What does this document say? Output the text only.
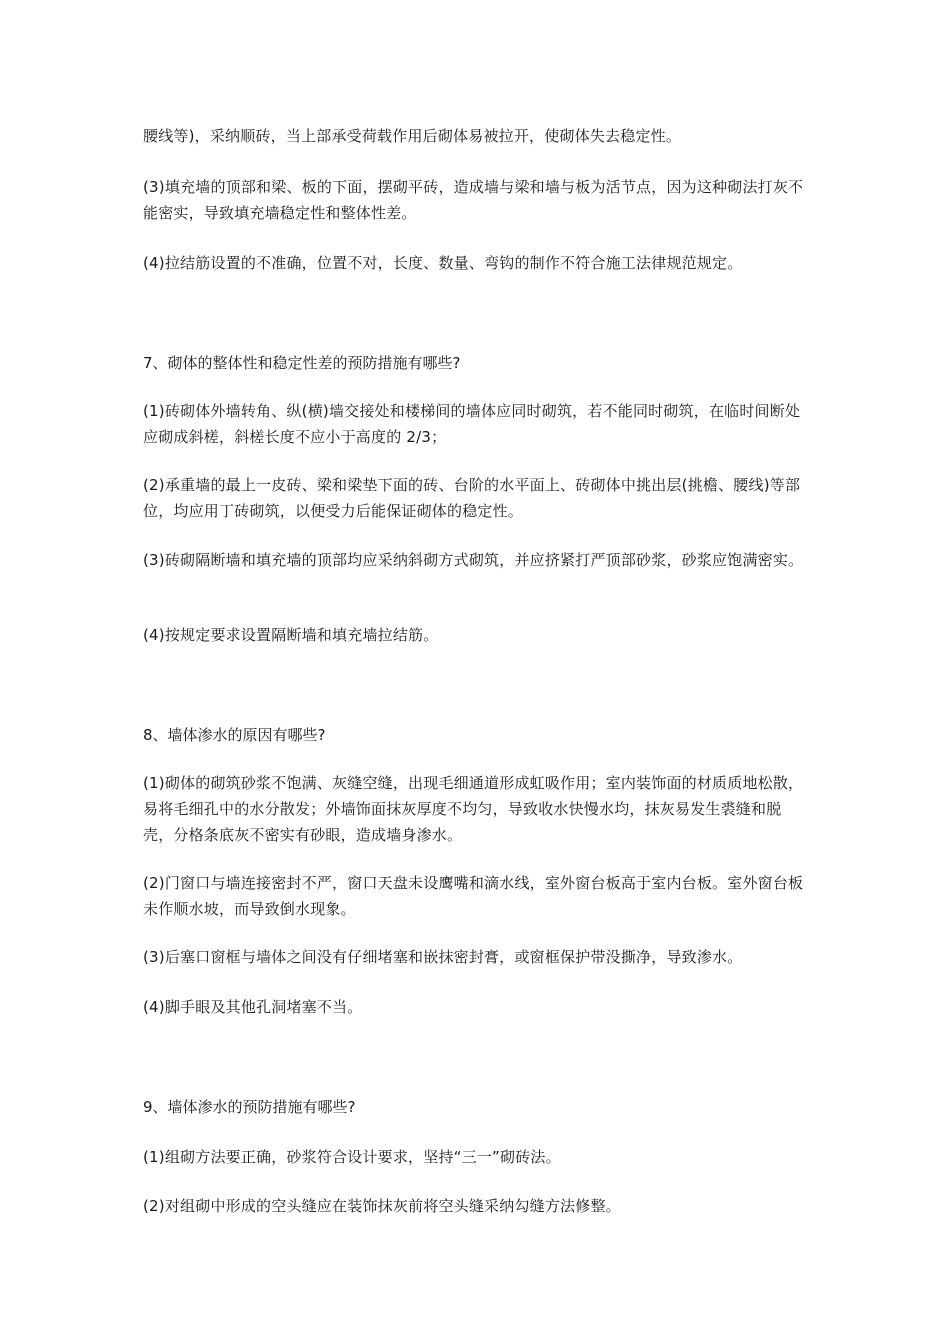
腰线等)，采纳顺砖，当上部承受荷载作用后砌体易被拉开，使砌体失去稳定性。

(3)填充墙的顶部和梁、板的下面，摆砌平砖，造成墙与梁和墙与板为活节点，因为这种砌法打灰不能密实，导致填充墙稳定性和整体性差。

(4)拉结筋设置的不准确，位置不对，长度、数量、弯钩的制作不符合施工法律规范规定。

7、砌体的整体性和稳定性差的预防措施有哪些?

(1)砖砌体外墙转角、纵(横)墙交接处和楼梯间的墙体应同时砌筑，若不能同时砌筑，在临时间断处应砌成斜槎，斜槎长度不应小于高度的 2/3；

(2)承重墙的最上一皮砖、梁和梁垫下面的砖、台阶的水平面上、砖砌体中挑出层(挑檐、腰线)等部位，均应用丁砖砌筑，以便受力后能保证砌体的稳定性。

(3)砖砌隔断墙和填充墙的顶部均应采纳斜砌方式砌筑，并应挤紧打严顶部砂浆，砂浆应饱满密实。

(4)按规定要求设置隔断墙和填充墙拉结筋。

8、墙体渗水的原因有哪些?

(1)砌体的砌筑砂浆不饱满、灰缝空缝，出现毛细通道形成虹吸作用；室内装饰面的材质质地松散，易将毛细孔中的水分散发；外墙饰面抹灰厚度不均匀，导致收水快慢水均，抹灰易发生裘缝和脱壳，分格条底灰不密实有砂眼，造成墙身渗水。

(2)门窗口与墙连接密封不严，窗口天盘未设鹰嘴和滴水线，室外窗台板高于室内台板。室外窗台板未作顺水坡，而导致倒水现象。

(3)后塞口窗框与墙体之间没有仔细堵塞和嵌抹密封膏，或窗框保护带没撕净，导致渗水。

(4)脚手眼及其他孔洞堵塞不当。

9、墙体渗水的预防措施有哪些?

(1)组砌方法要正确，砂浆符合设计要求，坚持“三一”砌砖法。

(2)对组砌中形成的空头缝应在装饰抹灰前将空头缝采纳勾缝方法修整。
